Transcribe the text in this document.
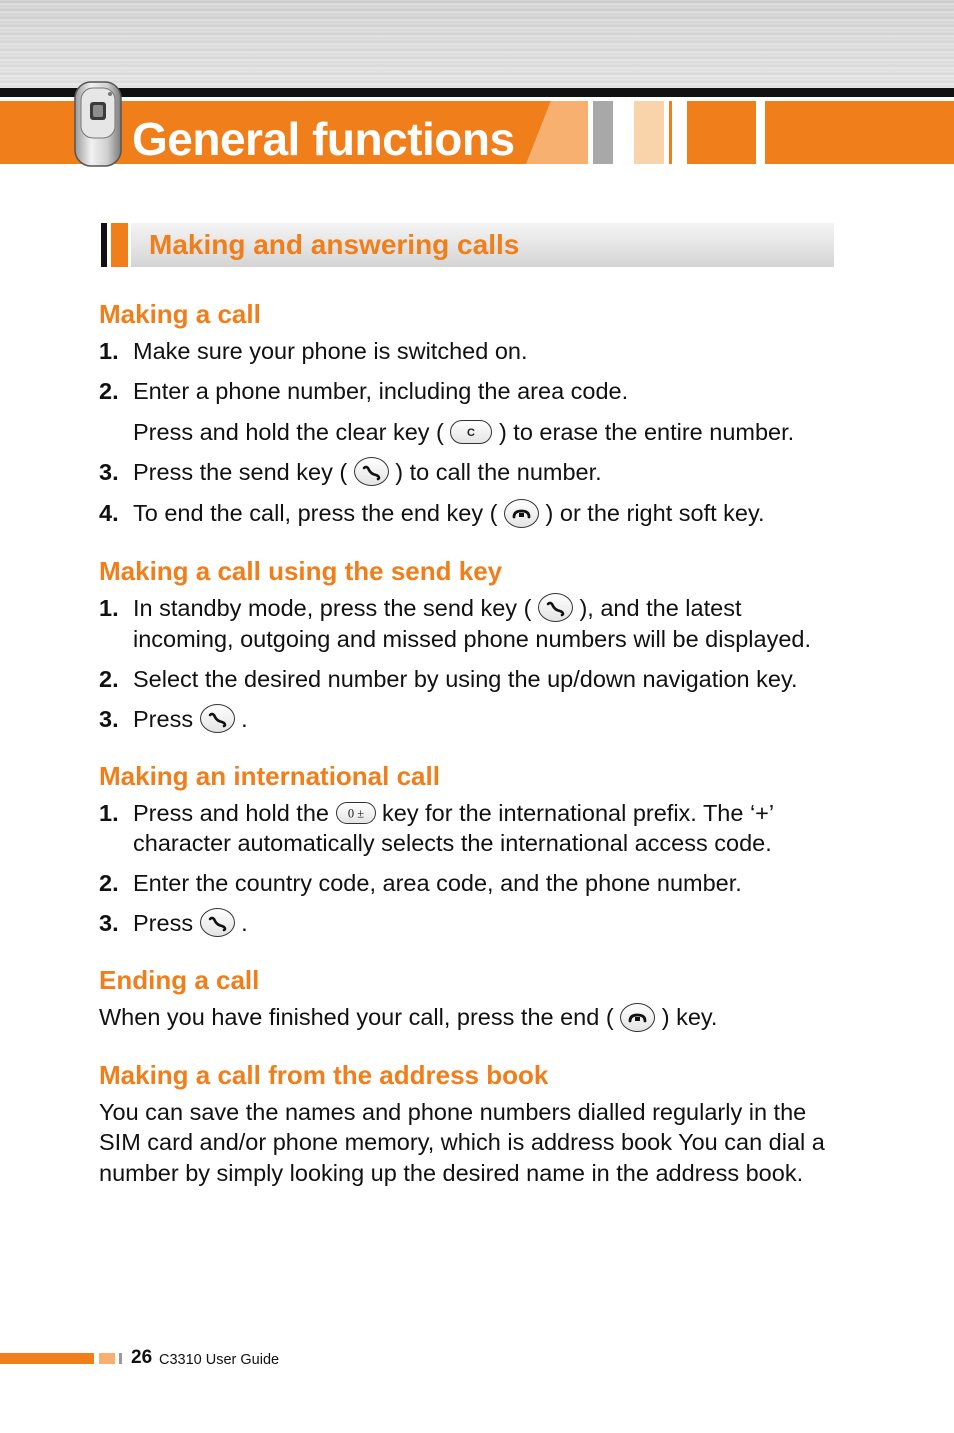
General functions
Making and answering calls
Making a call
1. Make sure your phone is switched on.
2. Enter a phone number, including the area code.
Press and hold the clear key ( C ) to erase the entire number.
3. Press the send key (
) to call the number.
4. To end the call, press the end key (
) or the right soft key.
Making a call using the send key
1. In standby mode, press the send key (
), and the latest incoming, outgoing and missed phone numbers will be displayed.
2. Select the desired number by using the up/down navigation key.
3. Press
.
Making an international call
1. Press and hold the 0 ± key for the international prefix. The ‘+’ character automatically selects the international access code.
2. Enter the country code, area code, and the phone number.
3. Press
.
Ending a call
When you have finished your call, press the end (
) key.
Making a call from the address book
You can save the names and phone numbers dialled regularly in the SIM card and/or phone memory, which is address book You can dial a number by simply looking up the desired name in the address book.
26 C3310 User Guide
